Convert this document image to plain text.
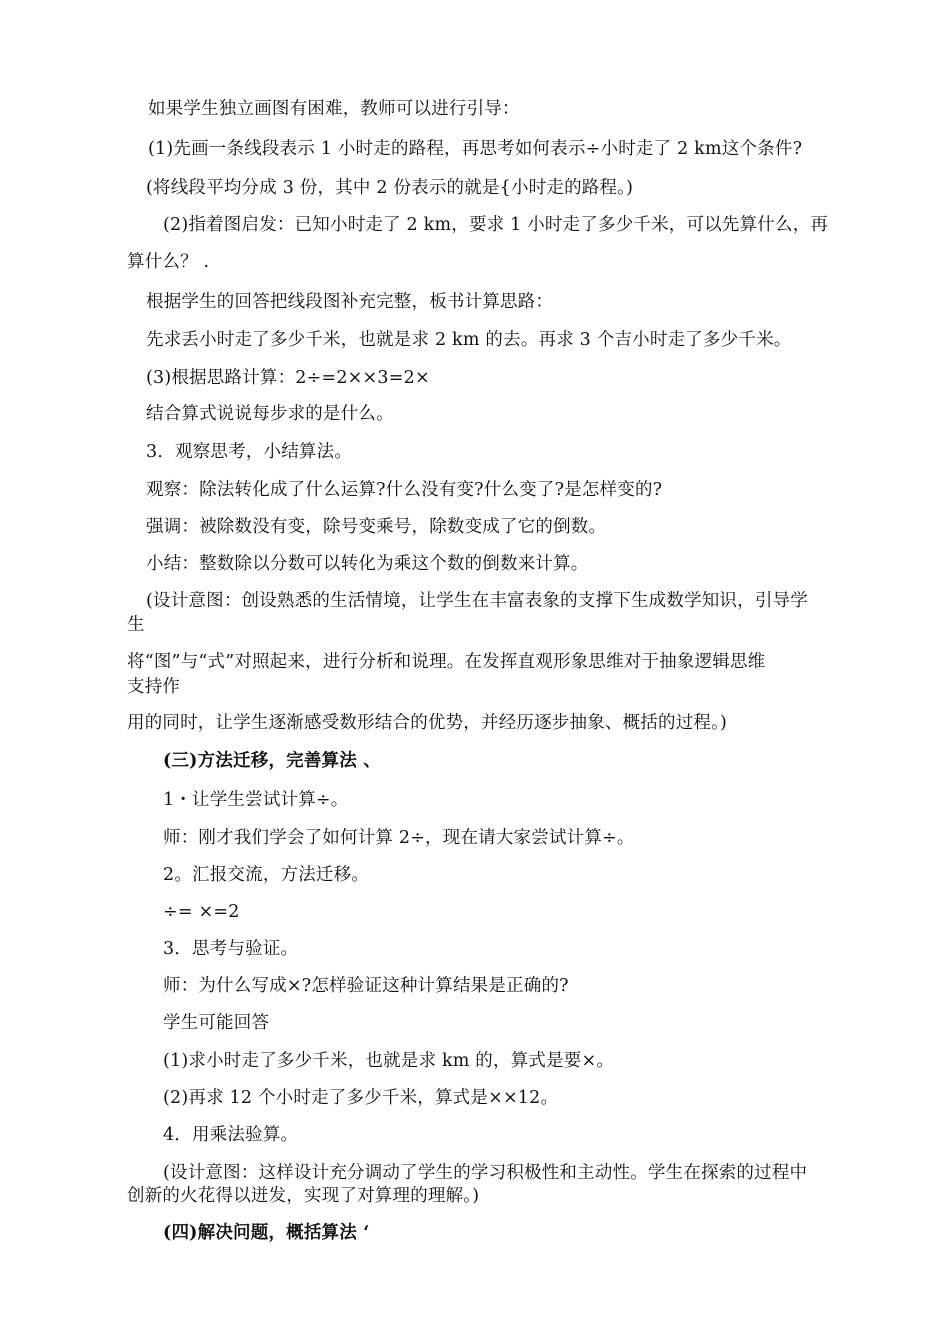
如果学生独立画图有困难，教师可以进行引导：
(1)先画一条线段表示 1 小时走的路程，再思考如何表示÷小时走了 2 km这个条件?
(将线段平均分成 3 份，其中 2 份表示的就是{小时走的路程。)
(2)指着图启发：已知小时走了 2 km，要求 1 小时走了多少千米，可以先算什么，再
算什么？ .
根据学生的回答把线段图补充完整，板书计算思路：
先求丢小时走了多少千米，也就是求 2 km 的去。再求 3 个吉小时走了多少千米。
(3)根据思路计算：2÷=2××3=2×
结合算式说说每步求的是什么。
3．观察思考，小结算法。
观察：除法转化成了什么运算?什么没有变?什么变了?是怎样变的?
强调：被除数没有变，除号变乘号，除数变成了它的倒数。
小结：整数除以分数可以转化为乘这个数的倒数来计算。
(设计意图：创设熟悉的生活情境，让学生在丰富表象的支撑下生成数学知识，引导学
生
将“图”与“式”对照起来，进行分析和说理。在发挥直观形象思维对于抽象逻辑思维
支持作
用的同时，让学生逐渐感受数形结合的优势，并经历逐步抽象、概括的过程。)
(三)方法迁移，完善算法 、
1・让学生尝试计算÷。
师：刚才我们学会了如何计算 2÷，现在请大家尝试计算÷。
2。汇报交流，方法迁移。
÷= ×=2
3．思考与验证。
师：为什么写成×?怎样验证这种计算结果是正确的?
学生可能回答
(1)求小时走了多少千米，也就是求 km 的，算式是要×。
(2)再求 12 个小时走了多少千米，算式是××12。
4．用乘法验算。
(设计意图：这样设计充分调动了学生的学习积极性和主动性。学生在探索的过程中
创新的火花得以迸发，实现了对算理的理解。)
(四)解决问题，概括算法 ‘
